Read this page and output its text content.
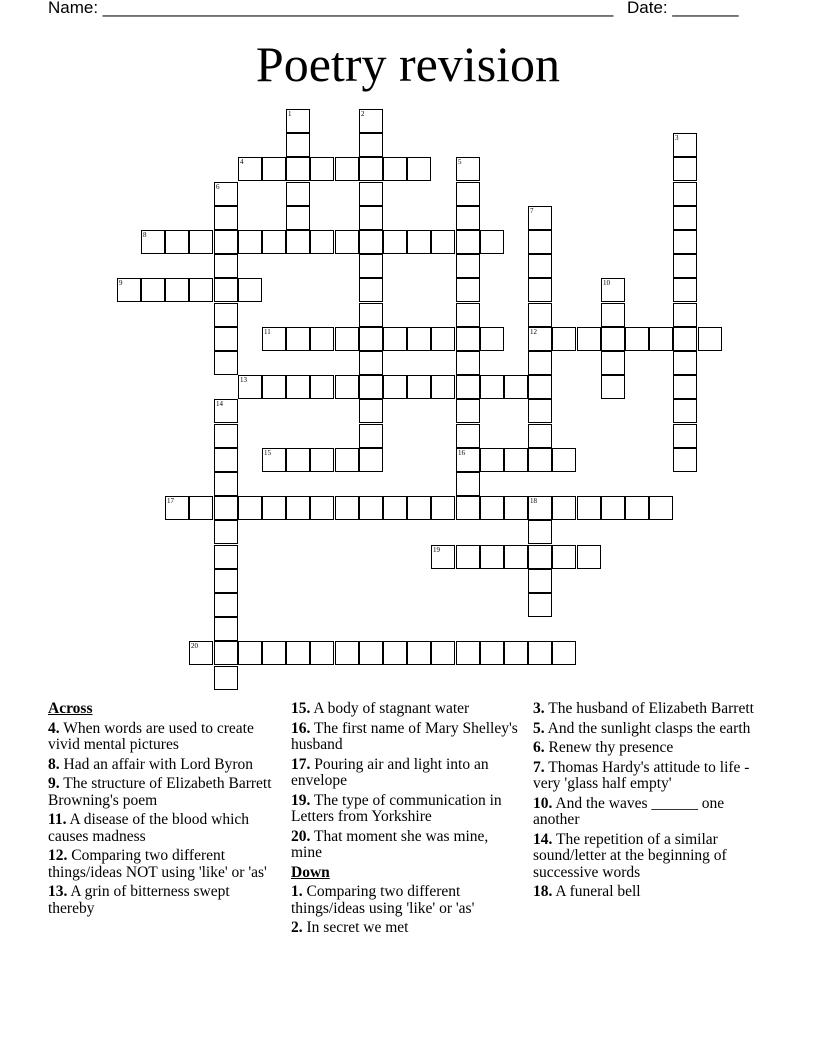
Name: ______________________________________________________ Date: _______
Poetry revision
1	2
3
4	5
6
7
8
9	10
11	12
13
14
15	16
17	18
19
20
Across
4. When words are used to create vivid mental pictures
8. Had an affair with Lord Byron
9. The structure of Elizabeth Barrett Browning's poem
11. A disease of the blood which causes madness
12. Comparing two different things/ideas NOT using 'like' or 'as'
13. A grin of bitterness swept thereby
15. A body of stagnant water
16. The first name of Mary Shelley's husband
17. Pouring air and light into an envelope
19. The type of communication in Letters from Yorkshire
20. That moment she was mine, mine
Down
1. Comparing two different things/ideas using 'like' or 'as'
2. In secret we met
3. The husband of Elizabeth Barrett
5. And the sunlight clasps the earth
6. Renew thy presence
7. Thomas Hardy's attitude to life - very 'glass half empty'
10. And the waves ______ one another
14. The repetition of a similar sound/letter at the beginning of successive words
18. A funeral bell
